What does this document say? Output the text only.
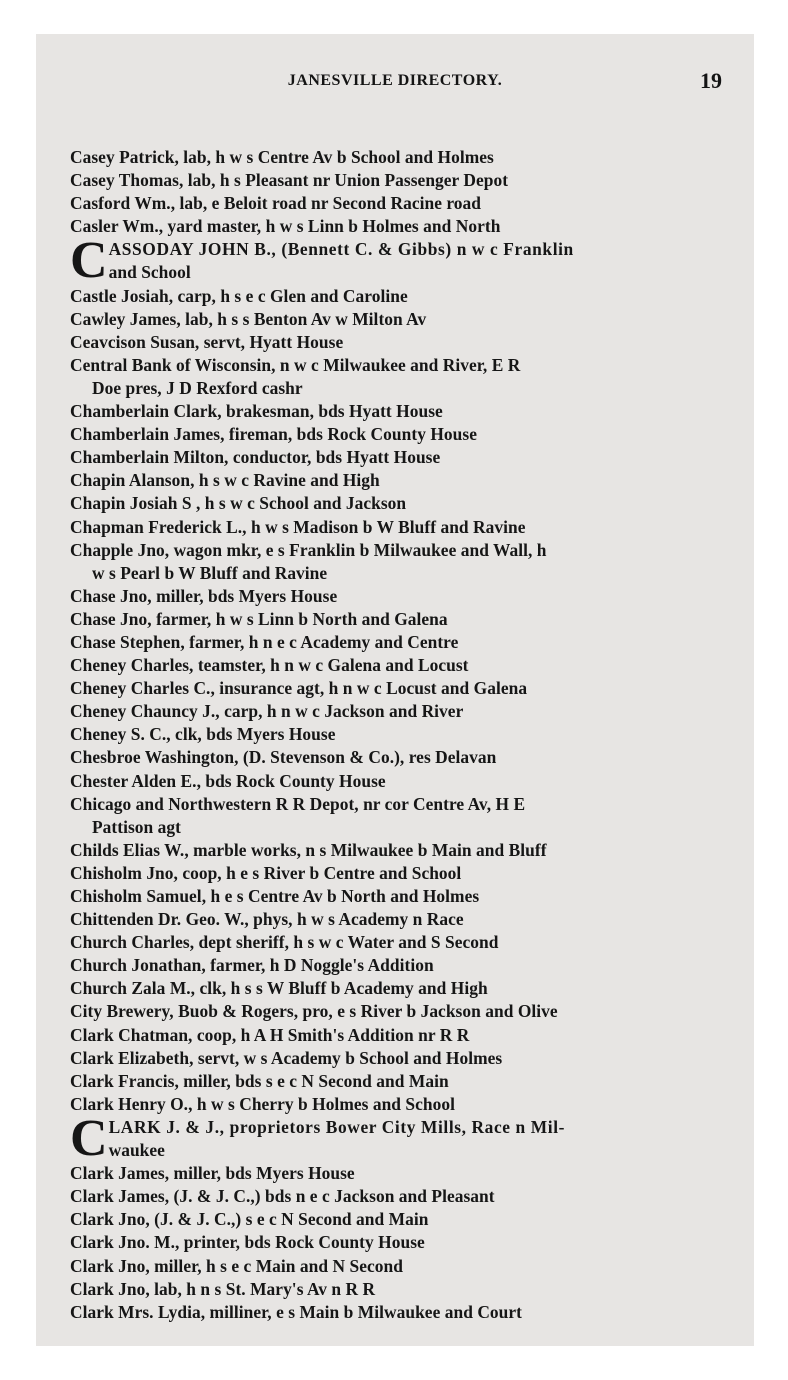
JANESVILLE DIRECTORY.	19
Casey Patrick, lab, h w s Centre Av b School and Holmes
Casey Thomas, lab, h s Pleasant nr Union Passenger Depot
Casford Wm., lab, e Beloit road nr Second Racine road
Casler Wm., yard master, h w s Linn b Holmes and North
C ASSODAY JOHN B., (Bennett C. & Gibbs) n w c Franklin
and School
Castle Josiah, carp, h s e c Glen and Caroline
Cawley James, lab, h s s Benton Av w Milton Av
Ceavcison Susan, servt, Hyatt House
Central Bank of Wisconsin, n w c Milwaukee and River, E R
Doe pres, J D Rexford cashr
Chamberlain Clark, brakesman, bds Hyatt House
Chamberlain James, fireman, bds Rock County House
Chamberlain Milton, conductor, bds Hyatt House
Chapin Alanson, h s w c Ravine and High
Chapin Josiah S , h s w c School and Jackson
Chapman Frederick L., h w s Madison b W Bluff and Ravine
Chapple Jno, wagon mkr, e s Franklin b Milwaukee and Wall, h
w s Pearl b W Bluff and Ravine
Chase Jno, miller, bds Myers House
Chase Jno, farmer, h w s Linn b North and Galena
Chase Stephen, farmer, h n e c Academy and Centre
Cheney Charles, teamster, h n w c Galena and Locust
Cheney Charles C., insurance agt, h n w c Locust and Galena
Cheney Chauncy J., carp, h n w c Jackson and River
Cheney S. C., clk, bds Myers House
Chesbroe Washington, (D. Stevenson & Co.), res Delavan
Chester Alden E., bds Rock County House
Chicago and Northwestern R R Depot, nr cor Centre Av, H E
Pattison agt
Childs Elias W., marble works, n s Milwaukee b Main and Bluff
Chisholm Jno, coop, h e s River b Centre and School
Chisholm Samuel, h e s Centre Av b North and Holmes
Chittenden Dr. Geo. W., phys, h w s Academy n Race
Church Charles, dept sheriff, h s w c Water and S Second
Church Jonathan, farmer, h D Noggle's Addition
Church Zala M., clk, h s s W Bluff b Academy and High
City Brewery, Buob & Rogers, pro, e s River b Jackson and Olive
Clark Chatman, coop, h A H Smith's Addition nr R R
Clark Elizabeth, servt, w s Academy b School and Holmes
Clark Francis, miller, bds s e c N Second and Main
Clark Henry O., h w s Cherry b Holmes and School
C LARK J. & J., proprietors Bower City Mills, Race n Mil-
waukee
Clark James, miller, bds Myers House
Clark James, (J. & J. C.,) bds n e c Jackson and Pleasant
Clark Jno, (J. & J. C.,) s e c N Second and Main
Clark Jno. M., printer, bds Rock County House
Clark Jno, miller, h s e c Main and N Second
Clark Jno, lab, h n s St. Mary's Av n R R
Clark Mrs. Lydia, milliner, e s Main b Milwaukee and Court
